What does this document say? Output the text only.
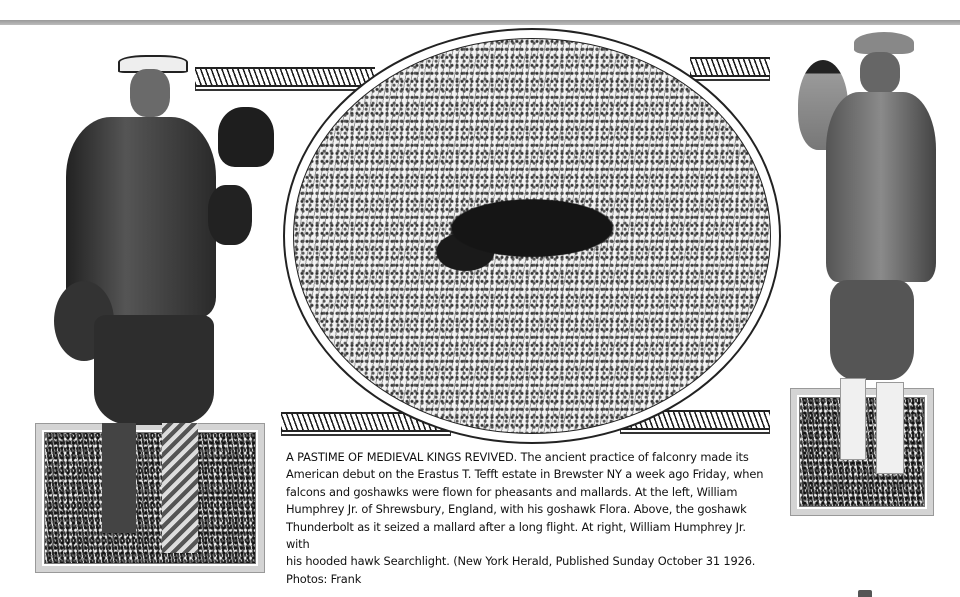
A PASTIME OF MEDIEVAL KINGS REVIVED. The ancient practice of falconry made its
American debut on the Erastus T. Tefft estate in Brewster NY a week ago Friday, when
falcons and goshawks were flown for pheasants and mallards. At the left, William
Humphrey Jr. of Shrewsbury, England, with his goshawk Flora. Above, the goshawk
Thunderbolt as it seized a mallard after a long flight. At right, William Humphrey Jr. with
his hooded hawk Searchlight. (New York Herald, Published Sunday October 31 1926.
Photos: Frank
